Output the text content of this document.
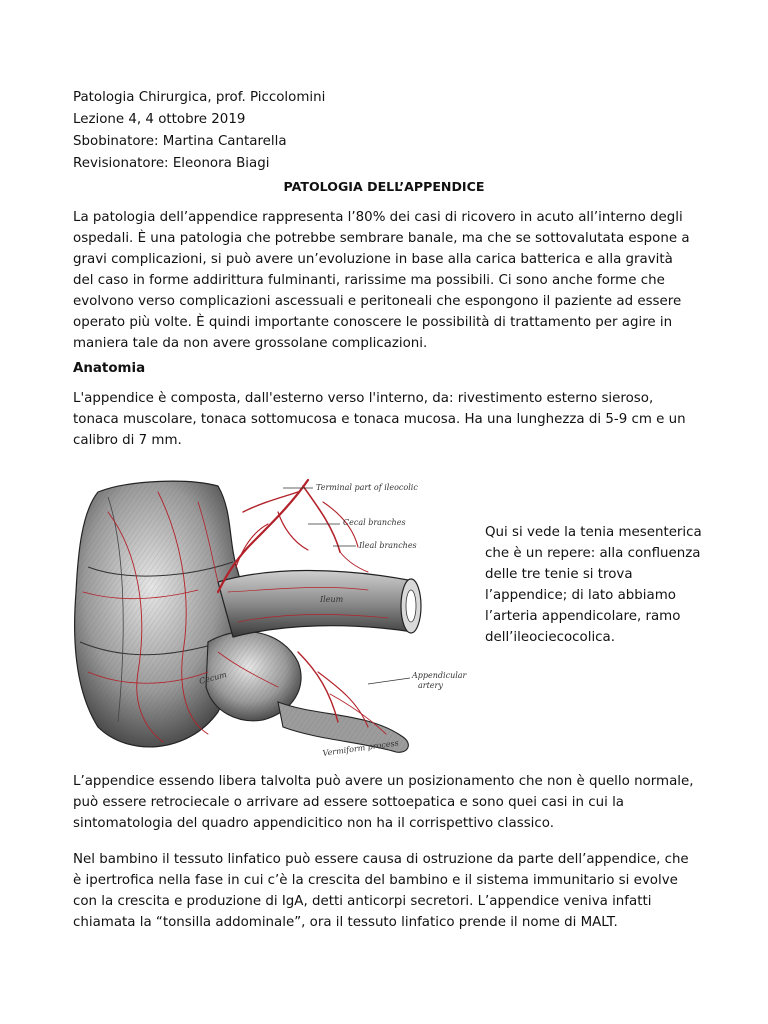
Patologia Chirurgica, prof. Piccolomini
Lezione 4, 4 ottobre 2019
Sbobinatore: Martina Cantarella
Revisionatore: Eleonora Biagi
PATOLOGIA DELL’APPENDICE

La patologia dell’appendice rappresenta l’80% dei casi di ricovero in acuto all’interno degli ospedali. È una patologia che potrebbe sembrare banale, ma che se sottovalutata espone a gravi complicazioni, si può avere un’evoluzione in base alla carica batterica e alla gravità del caso in forme addirittura fulminanti, rarissime ma possibili. Ci sono anche forme che evolvono verso complicazioni ascessuali e peritoneali che espongono il paziente ad essere operato più volte. È quindi importante conoscere le possibilità di trattamento per agire in maniera tale da non avere grossolane complicazioni.

Anatomia

L'appendice è composta, dall'esterno verso l'interno, da: rivestimento esterno sieroso, tonaca muscolare, tonaca sottomucosa e tonaca mucosa. Ha una lunghezza di 5-9 cm e un calibro di 7 mm.

Terminal part of ileocolic
Cecal branches
Ileal branches
Ileum
Cecum	Appendicular
artery
Vermiform process

Qui si vede la tenia mesenterica che è un repere: alla confluenza delle tre tenie si trova l’appendice; di lato abbiamo l’arteria appendicolare, ramo dell’ileociecocolica.

L’appendice essendo libera talvolta può avere un posizionamento che non è quello normale, può essere retrociecale o arrivare ad essere sottoepatica e sono quei casi in cui la sintomatologia del quadro appendicitico non ha il corrispettivo classico.

Nel bambino il tessuto linfatico può essere causa di ostruzione da parte dell’appendice, che è ipertrofica nella fase in cui c’è la crescita del bambino e il sistema immunitario si evolve con la crescita e produzione di IgA, detti anticorpi secretori. L’appendice veniva infatti chiamata la “tonsilla addominale”, ora il tessuto linfatico prende il nome di MALT.
